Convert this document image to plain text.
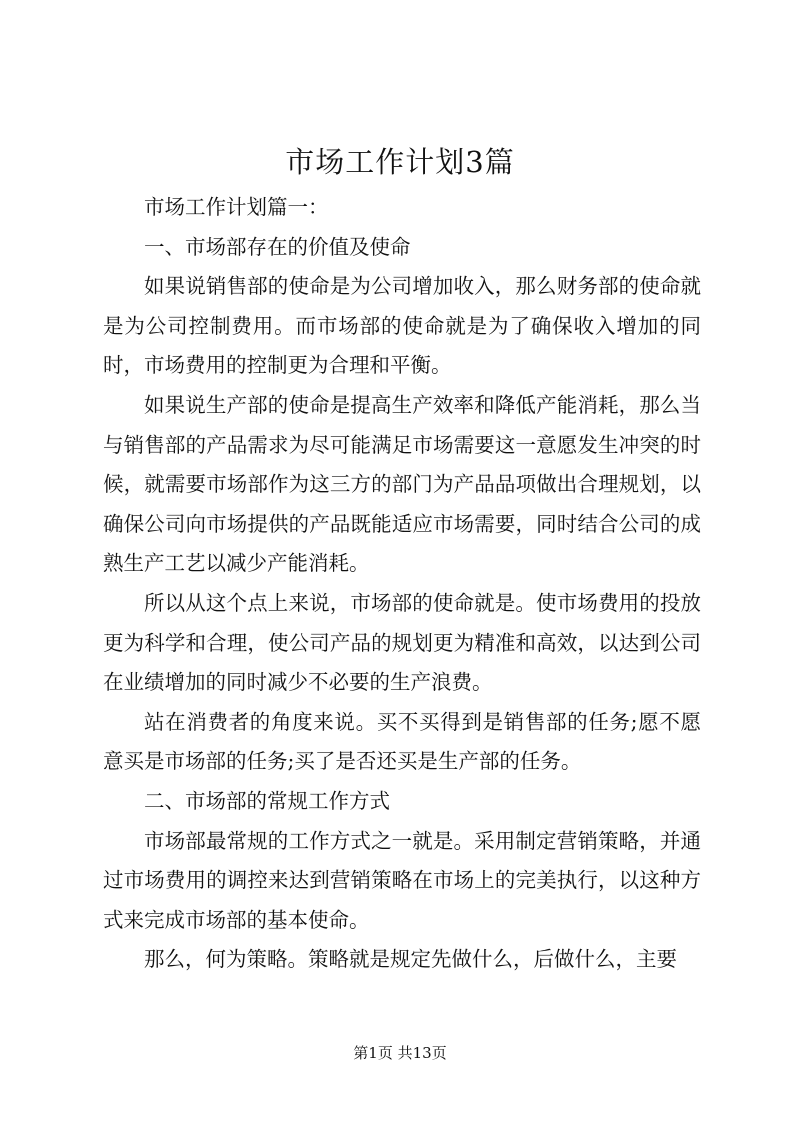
市场工作计划3篇

市场工作计划篇一：

一、市场部存在的价值及使命

如果说销售部的使命是为公司增加收入，那么财务部的使命就是为公司控制费用。而市场部的使命就是为了确保收入增加的同时，市场费用的控制更为合理和平衡。

如果说生产部的使命是提高生产效率和降低产能消耗，那么当与销售部的产品需求为尽可能满足市场需要这一意愿发生冲突的时候，就需要市场部作为这三方的部门为产品品项做出合理规划，以确保公司向市场提供的产品既能适应市场需要，同时结合公司的成熟生产工艺以减少产能消耗。

所以从这个点上来说，市场部的使命就是。使市场费用的投放更为科学和合理，使公司产品的规划更为精准和高效，以达到公司在业绩增加的同时减少不必要的生产浪费。

站在消费者的角度来说。买不买得到是销售部的任务;愿不愿意买是市场部的任务;买了是否还买是生产部的任务。

二、市场部的常规工作方式

市场部最常规的工作方式之一就是。采用制定营销策略，并通过市场费用的调控来达到营销策略在市场上的完美执行，以这种方式来完成市场部的基本使命。

那么，何为策略。策略就是规定先做什么，后做什么，主要

第1页 共13页
